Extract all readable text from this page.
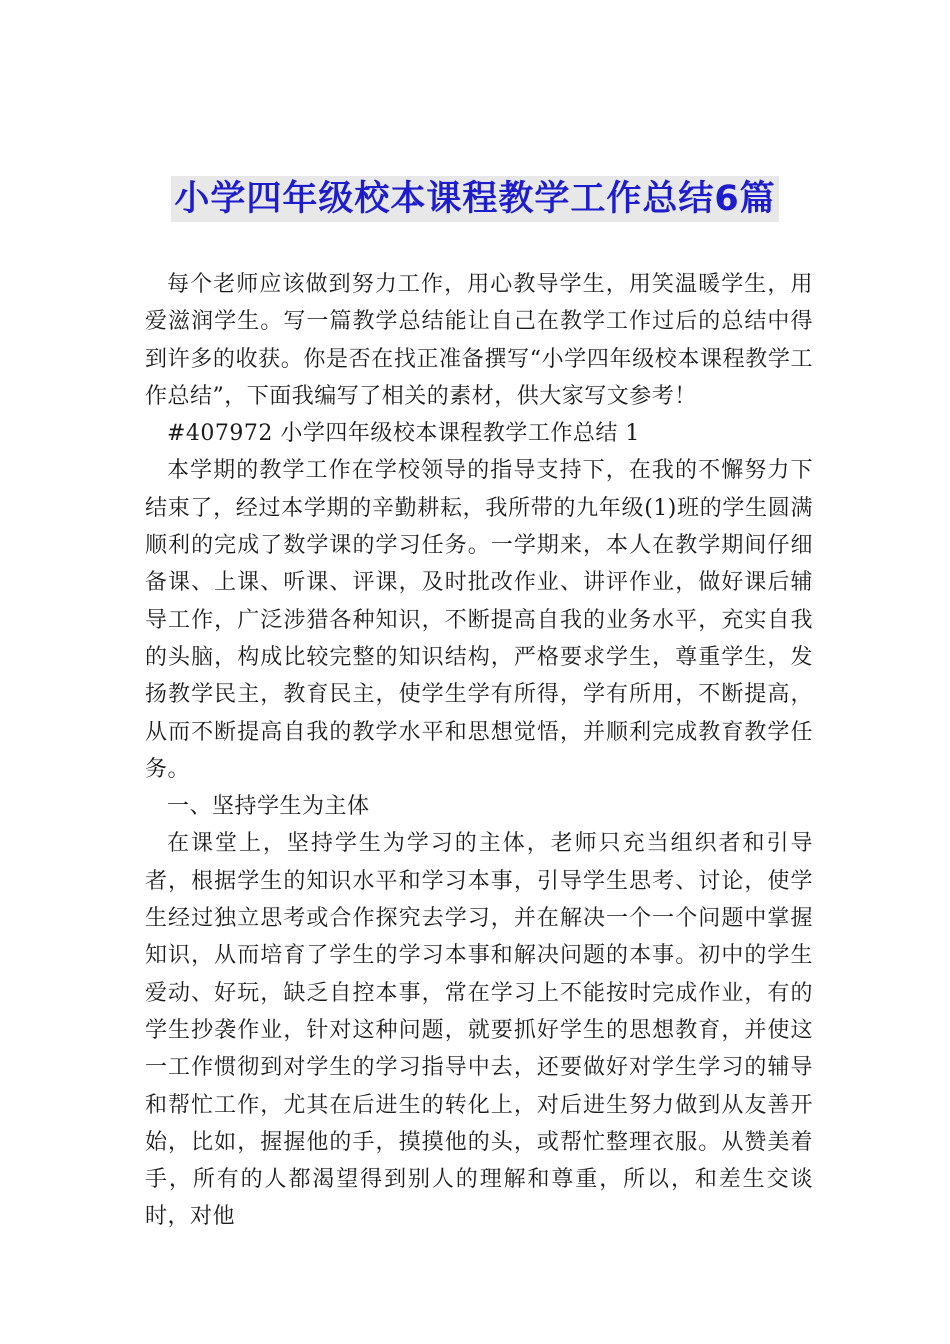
小学四年级校本课程教学工作总结6篇

每个老师应该做到努力工作，用心教导学生，用笑温暖学生，用爱滋润学生。写一篇教学总结能让自己在教学工作过后的总结中得到许多的收获。你是否在找正准备撰写“小学四年级校本课程教学工作总结”，下面我编写了相关的素材，供大家写文参考！

#407972 小学四年级校本课程教学工作总结 1

本学期的教学工作在学校领导的指导支持下，在我的不懈努力下结束了，经过本学期的辛勤耕耘，我所带的九年级(1)班的学生圆满顺利的完成了数学课的学习任务。一学期来，本人在教学期间仔细备课、上课、听课、评课，及时批改作业、讲评作业，做好课后辅导工作，广泛涉猎各种知识，不断提高自我的业务水平，充实自我的头脑，构成比较完整的知识结构，严格要求学生，尊重学生，发扬教学民主，教育民主，使学生学有所得，学有所用，不断提高，从而不断提高自我的教学水平和思想觉悟，并顺利完成教育教学任务。

一、坚持学生为主体

在课堂上，坚持学生为学习的主体，老师只充当组织者和引导者，根据学生的知识水平和学习本事，引导学生思考、讨论，使学生经过独立思考或合作探究去学习，并在解决一个一个问题中掌握知识，从而培育了学生的学习本事和解决问题的本事。初中的学生爱动、好玩，缺乏自控本事，常在学习上不能按时完成作业，有的学生抄袭作业，针对这种问题，就要抓好学生的思想教育，并使这一工作惯彻到对学生的学习指导中去，还要做好对学生学习的辅导和帮忙工作，尤其在后进生的转化上，对后进生努力做到从友善开始，比如，握握他的手，摸摸他的头，或帮忙整理衣服。从赞美着手，所有的人都渴望得到别人的理解和尊重，所以，和差生交谈时，对他
